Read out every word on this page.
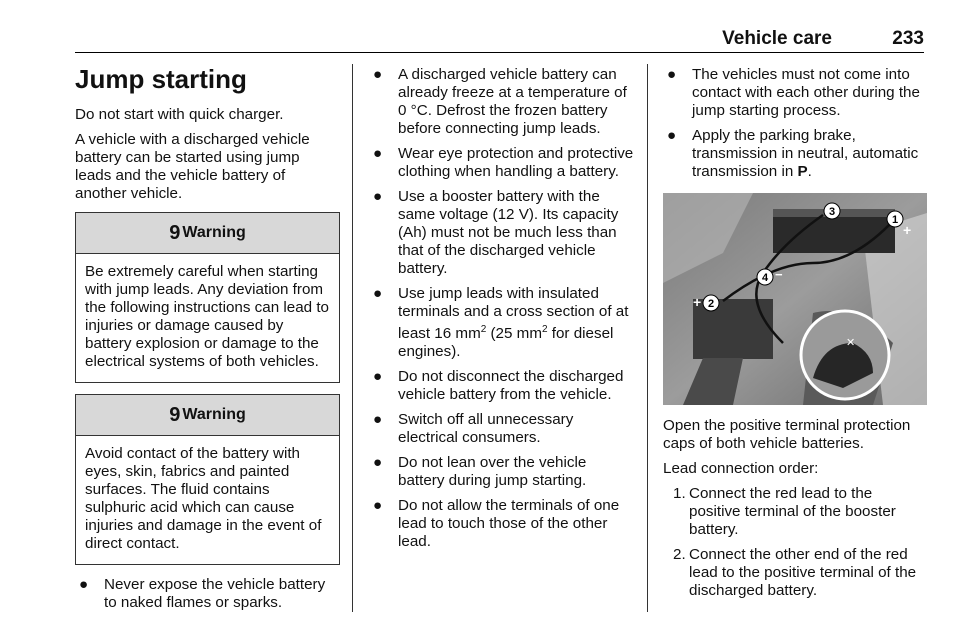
Vehicle care	233
Jump starting

Do not start with quick charger.

A vehicle with a discharged vehicle battery can be started using jump leads and the vehicle battery of another vehicle.

9 Warning
Be extremely careful when starting with jump leads. Any deviation from the following instructions can lead to injuries or damage caused by battery explosion or damage to the electrical systems of both vehicles.
9 Warning
Avoid contact of the battery with eyes, skin, fabrics and painted surfaces. The fluid contains sulphuric acid which can cause injuries and damage in the event of direct contact.
● Never expose the vehicle battery to naked flames or sparks.
● A discharged vehicle battery can already freeze at a temperature of 0 °C. Defrost the frozen battery before connecting jump leads.
● Wear eye protection and protective clothing when handling a battery.
● Use a booster battery with the same voltage (12 V). Its capacity (Ah) must not be much less than that of the discharged vehicle battery.
● Use jump leads with insulated terminals and a cross section of at least 16 $mm^2$ (25 $mm^2$ for diesel engines).
● Do not disconnect the discharged vehicle battery from the vehicle.
● Switch off all unnecessary electrical consumers.
● Do not lean over the vehicle battery during jump starting.
● Do not allow the terminals of one lead to touch those of the other lead.
● The vehicles must not come into contact with each other during the jump starting process.
● Apply the parking brake, transmission in neutral, automatic transmission in P.
✕
1
+
2
+
3
4 −

Open the positive terminal protection caps of both vehicle batteries.

Lead connection order:

1. Connect the red lead to the positive terminal of the booster battery.
2. Connect the other end of the red lead to the positive terminal of the discharged battery.
